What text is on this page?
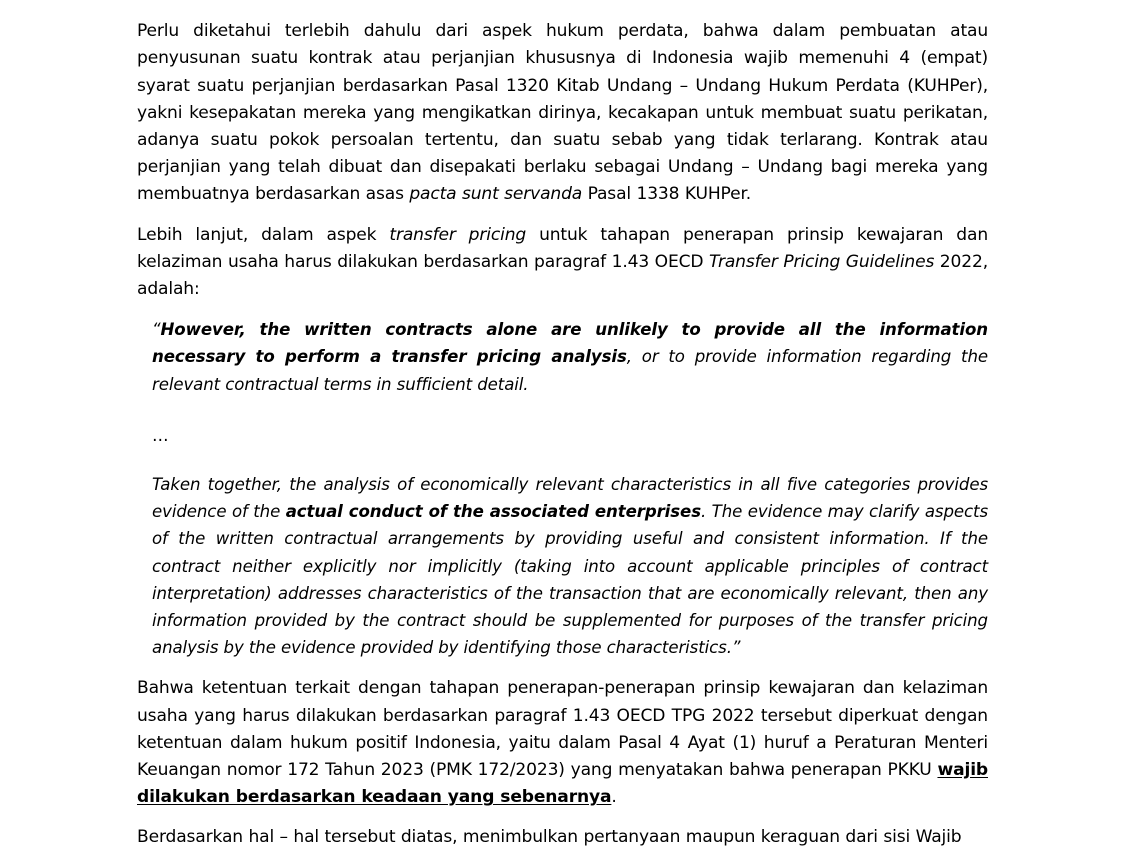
Perlu diketahui terlebih dahulu dari aspek hukum perdata, bahwa dalam pembuatan atau penyusunan suatu kontrak atau perjanjian khususnya di Indonesia wajib memenuhi 4 (empat) syarat suatu perjanjian berdasarkan Pasal 1320 Kitab Undang – Undang Hukum Perdata (KUHPer), yakni kesepakatan mereka yang mengikatkan dirinya, kecakapan untuk membuat suatu perikatan, adanya suatu pokok persoalan tertentu, dan suatu sebab yang tidak terlarang. Kontrak atau perjanjian yang telah dibuat dan disepakati berlaku sebagai Undang – Undang bagi mereka yang membuatnya berdasarkan asas pacta sunt servanda Pasal 1338 KUHPer.

Lebih lanjut, dalam aspek transfer pricing untuk tahapan penerapan prinsip kewajaran dan kelaziman usaha harus dilakukan berdasarkan paragraf 1.43 OECD Transfer Pricing Guidelines 2022, adalah:

“However, the written contracts alone are unlikely to provide all the information necessary to perform a transfer pricing analysis, or to provide information regarding the relevant contractual terms in sufficient detail.

…

Taken together, the analysis of economically relevant characteristics in all five categories provides evidence of the actual conduct of the associated enterprises. The evidence may clarify aspects of the written contractual arrangements by providing useful and consistent information. If the contract neither explicitly nor implicitly (taking into account applicable principles of contract interpretation) addresses characteristics of the transaction that are economically relevant, then any information provided by the contract should be supplemented for purposes of the transfer pricing analysis by the evidence provided by identifying those characteristics.”

Bahwa ketentuan terkait dengan tahapan penerapan-penerapan prinsip kewajaran dan kelaziman usaha yang harus dilakukan berdasarkan paragraf 1.43 OECD TPG 2022 tersebut diperkuat dengan ketentuan dalam hukum positif Indonesia, yaitu dalam Pasal 4 Ayat (1) huruf a Peraturan Menteri Keuangan nomor 172 Tahun 2023 (PMK 172/2023) yang menyatakan bahwa penerapan PKKU wajib dilakukan berdasarkan keadaan yang sebenarnya.

Berdasarkan hal – hal tersebut diatas, menimbulkan pertanyaan maupun keraguan dari sisi Wajib
